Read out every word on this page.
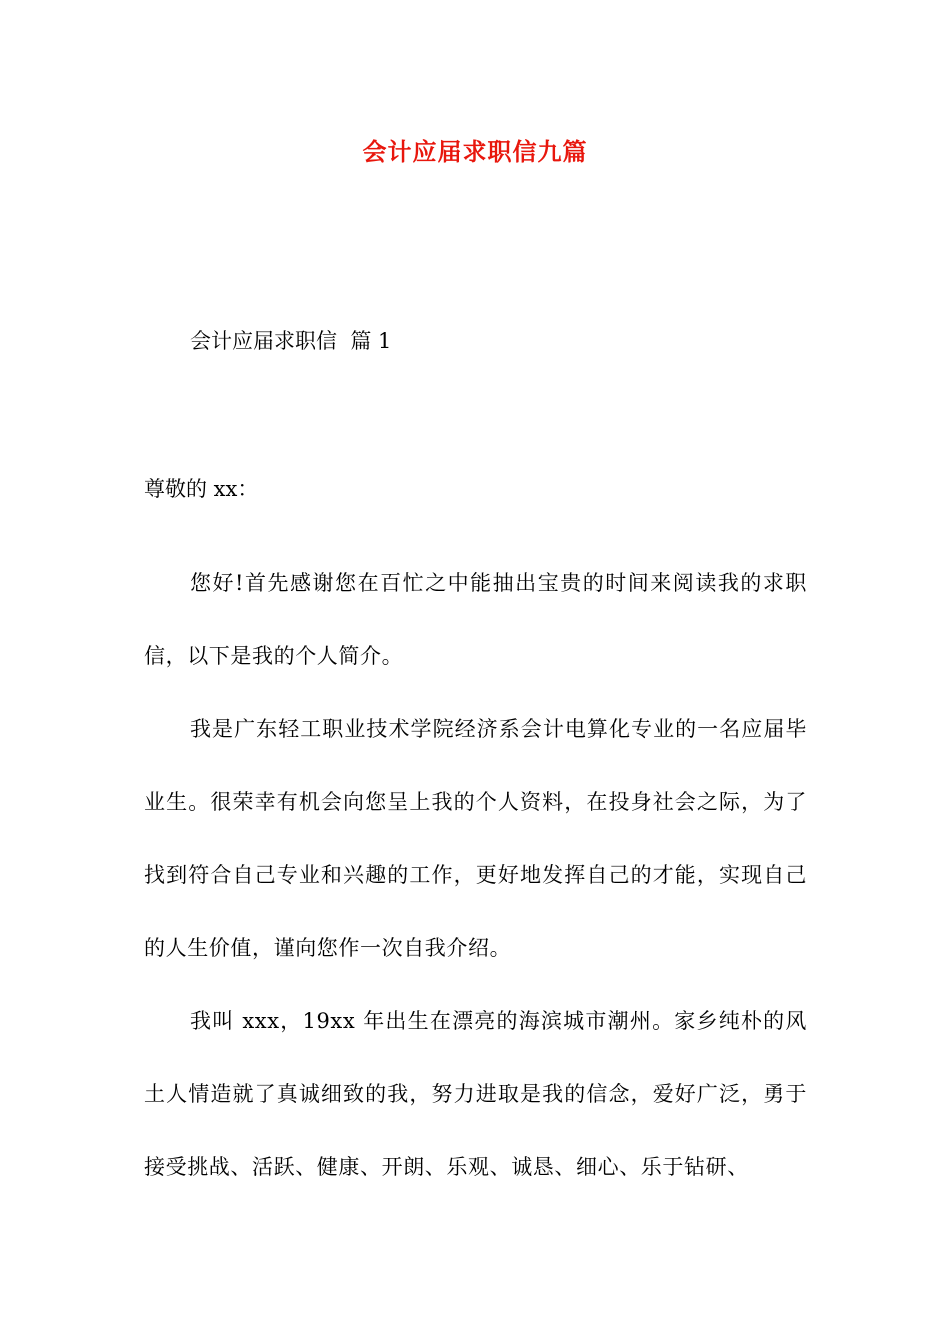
会计应届求职信九篇
会计应届求职信  篇 1
尊敬的 xx：

您好!首先感谢您在百忙之中能抽出宝贵的时间来阅读我的求职信，以下是我的个人简介。

我是广东轻工职业技术学院经济系会计电算化专业的一名应届毕业生。很荣幸有机会向您呈上我的个人资料，在投身社会之际，为了找到符合自己专业和兴趣的工作，更好地发挥自己的才能，实现自己的人生价值，谨向您作一次自我介绍。

我叫 xxx，19xx 年出生在漂亮的海滨城市潮州。家乡纯朴的风土人情造就了真诚细致的我，努力进取是我的信念，爱好广泛，勇于接受挑战、活跃、健康、开朗、乐观、诚恳、细心、乐于钻研、
